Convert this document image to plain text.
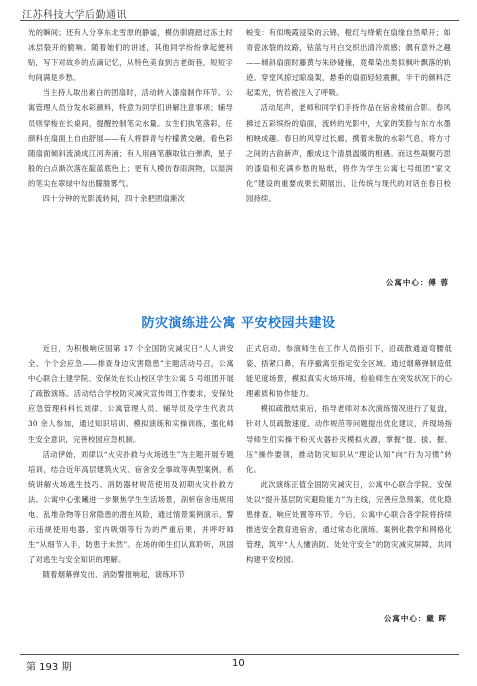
江苏科技大学后勤通讯

光的瞬间；还有人分享东北雪原的静谧，模仿驯鹿踏过冻土时冰层裂开的脆响。随着她们的讲述，其他同学纷纷拿起便利贴，写下对故乡的点滴记忆，从特色美食到古老街巷，短短字句间满是乡愁。

当主持人取出素白的团扇时，活动转入漆扇制作环节。公寓管理人员分发水彩颜料，特意为同学们讲解注意事项；辅导员则穿梭在长桌间，提醒控制笔尖水量。女生们执笔落彩，任颜料在扇面上自由舒展——有人将群青与柠檬黄交融，看色彩随扇面倾斜流淌成江河奔涌；有人用画笔蘸取钛白弹洒，星子般的白点渐次落在靛蓝底色上；更有人模仿春雨润物，以湿润的笔尖在翠绿中勾出朦胧雾气。

四十分钟的光影流转间，四十余把团扇渐次

蜕变：有似晚霞浸染的云锦，橙红与绛紫在扇缘自然晕开；如青瓷冰裂的纹路，钴蓝与月白交织出清冷质感；偶有意外之趣——倾斜扇面时藤黄与朱砂碰撞，竟晕染出类似枫叶飘落的轨迹。穿堂风掠过晾扇架，悬垂的扇面轻轻震颤，半干的颜料泛起柔光，恍若被注入了呼吸。

活动尾声，老师和同学们手持作品在宿舍楼前合影。春风拂过五彩缤纷的扇面，流转的光影中，大家的笑脸与东方水墨相映成趣。春日的风穿过长廊，携着未散的水彩气息，将方寸之间的古韵新声，酿成这个清晨温暖的相遇。而这些凝聚巧思的漆扇和充满乡愁的贴纸，将作为学生公寓七号组团“家文化”建设的重要成果长期展出，让传统与现代的对话在春日校园持续。

公寓中心：傅 蓉
防灾演练进公寓 平安校园共建设

近日，为积极响应国第 17 个全国防灾减灾日“人人讲安全、个个会应急——排查身边灾害隐患”主题活动号召，公寓中心联合土建学院、安保处在长山校区学生公寓 5 号组团开展了疏散演练。活动结合学校防灾减灾宣传周工作要求，安保处应急管理科科长刘律、公寓管理人员、辅导员及学生代表共 30 余人参加，通过知识培训、模拟演练和实操训练，强化师生安全意识，完善校园应急机制。

活动伊始，刘律以“火灾扑救与火场逃生”为主题开展专题培训，结合近年高层建筑火灾、宿舍安全事故等典型案例，系统讲解火场逃生技巧、消防器材规范使用及初期火灾扑救方法。公寓中心张曦进一步聚焦学生生活场景，剖析宿舍违规用电、乱堆杂物等日常隐患的潜在风险，通过情景案例演示，警示违规使用电器、室内吸烟等行为的严重后果，并呼吁师生“从细节入手，防患于未然”。在场的师生们认真聆听，巩固了对逃生与安全知识的理解。

随着烟幕弹发出、消防警报响起，演练环节

正式启动。参演师生在工作人员指引下，沿疏散通道弯腰低姿、捂紧口鼻，有序撤离至指定安全区域。通过烟幕弹制造低能见度场景，模拟真实火场环境，检验师生在突发状况下的心理素质和协作能力。

模拟疏散结束后，指导老师对本次演练情况进行了复盘，针对人员疏散速度、动作规范等问题提出优化建议，并现场指导师生们实操干粉灭火器扑灭模拟火源，掌握“提、拔、握、压”操作要领，推动防灾知识从“理论认知”向“行为习惯”转化。

此次演练正值全国防灾减灾日，公寓中心联合学院、安保处以“提升基层防灾避险能力”为主线，完善应急预案，优化隐患排查、响应处置等环节。今后，公寓中心联合各学院将持续推进安全教育进宿舍，通过常态化演练、案例化教学和网格化管理，筑牢“人人懂消防、处处守安全”的防灾减灾屏障，共同构建平安校园。

公寓中心：戴 晖
第 193 期	10
